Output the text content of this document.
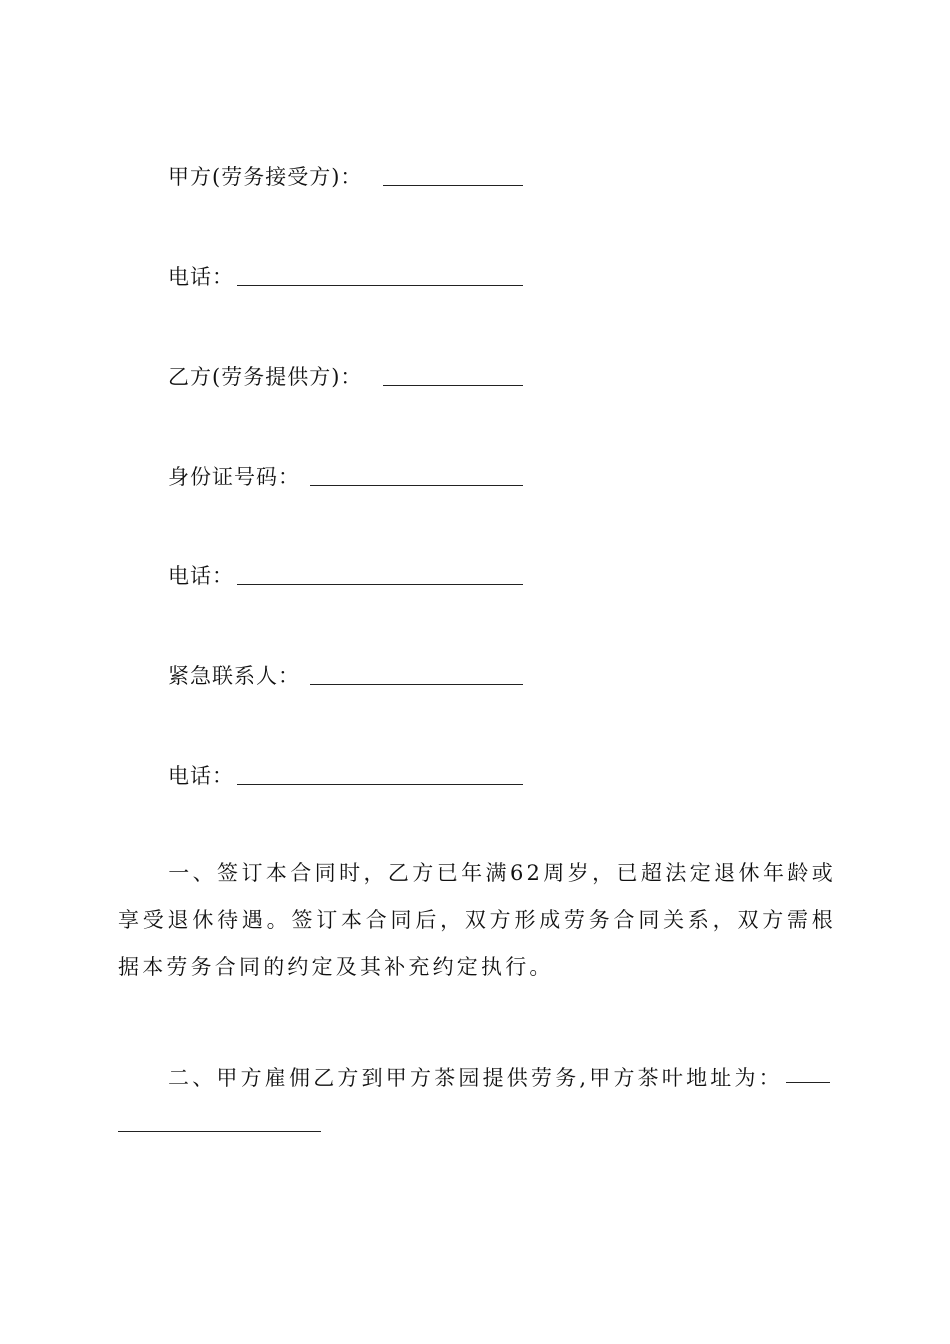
甲方(劳务接受方)：
电话：
乙方(劳务提供方)：
身份证号码：
电话：
紧急联系人：
电话：
一、签订本合同时，乙方已年满62周岁，已超法定退休年龄或享受退休待遇。签订本合同后，双方形成劳务合同关系，双方需根据本劳务合同的约定及其补充约定执行。
二、甲方雇佣乙方到甲方茶园提供劳务,甲方茶叶地址为：
